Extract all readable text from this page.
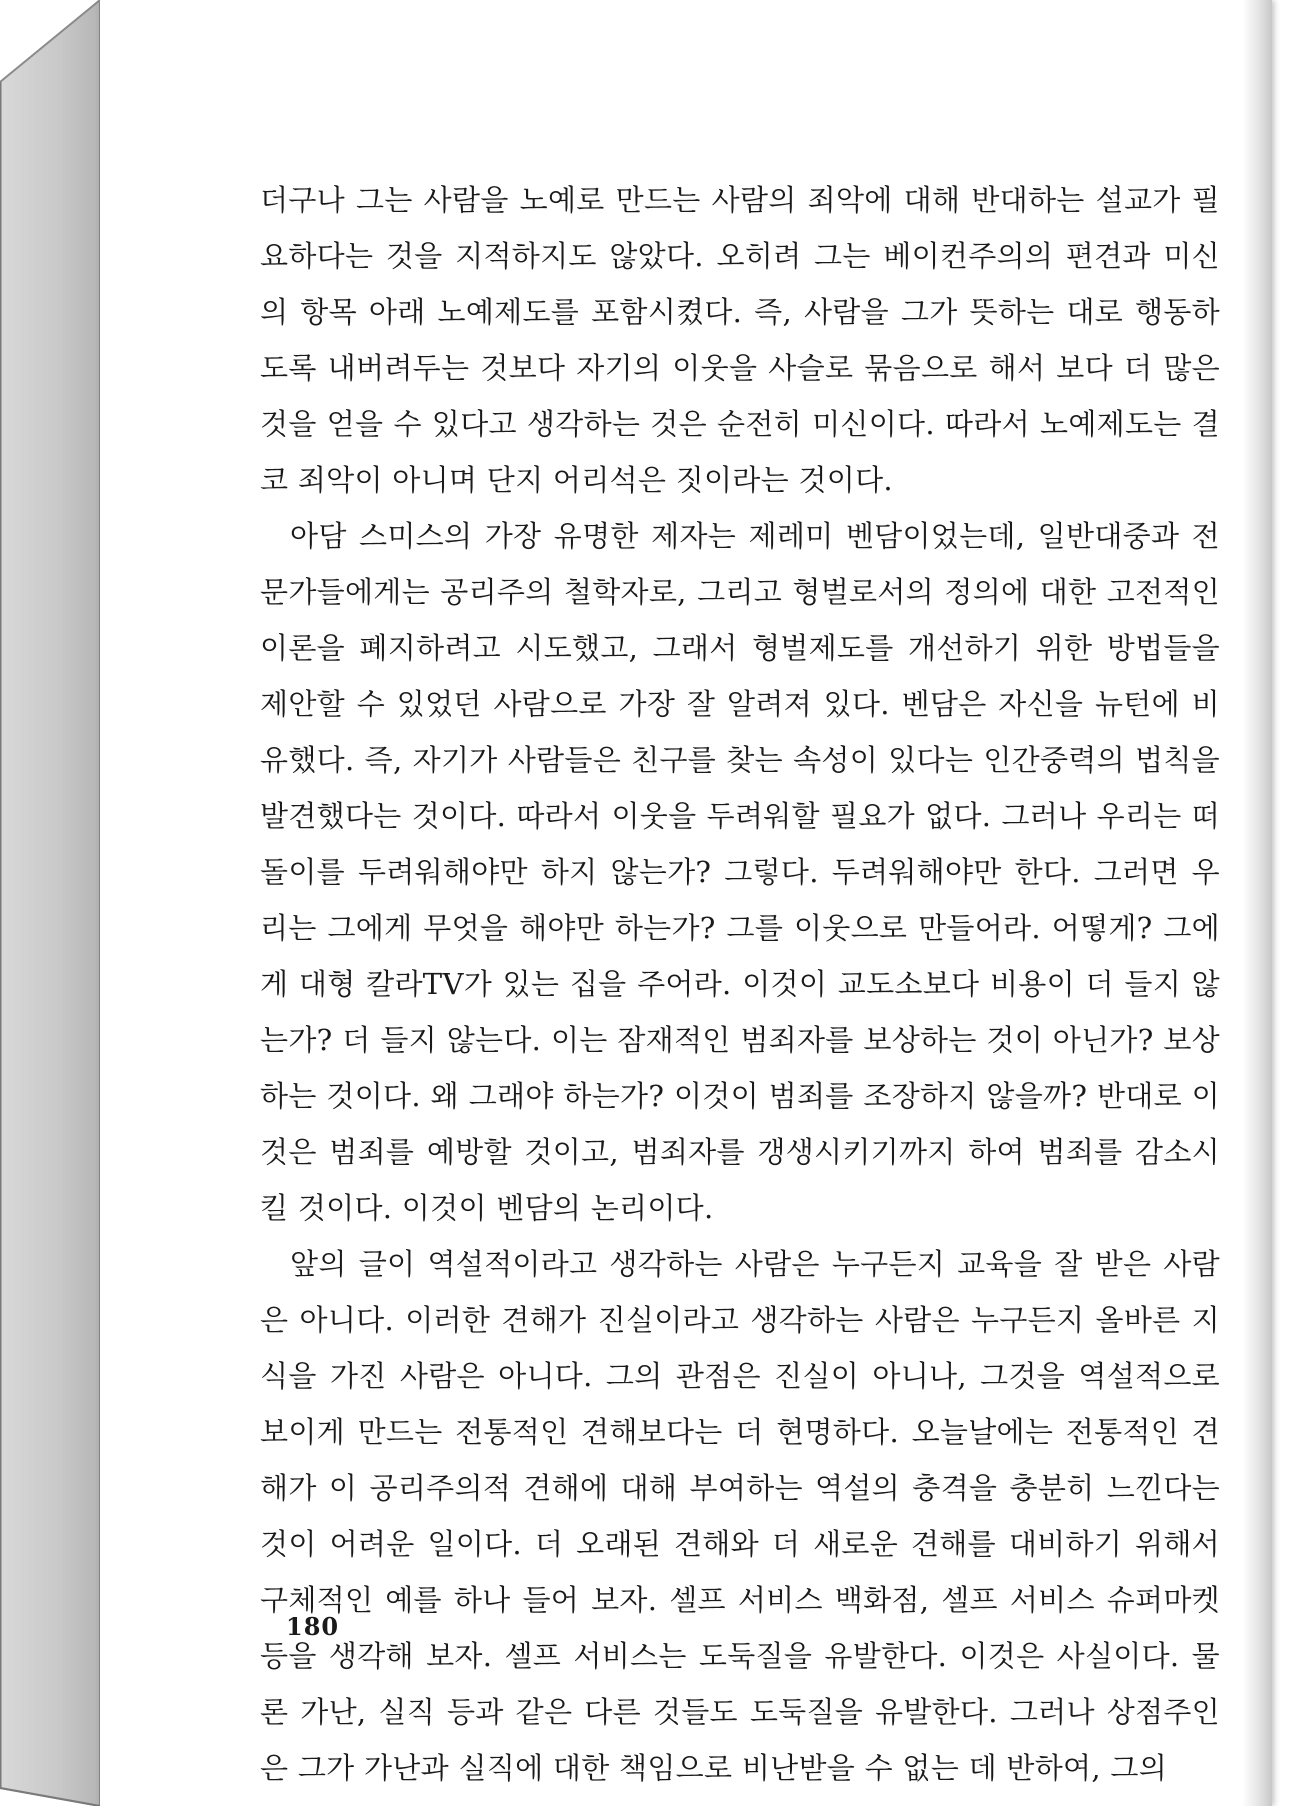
더구나 그는 사람을 노예로 만드는 사람의 죄악에 대해 반대하는 설교가 필요하다는 것을 지적하지도 않았다. 오히려 그는 베이컨주의의 편견과 미신의 항목 아래 노예제도를 포함시켰다. 즉, 사람을 그가 뜻하는 대로 행동하도록 내버려두는 것보다 자기의 이웃을 사슬로 묶음으로 해서 보다 더 많은 것을 얻을 수 있다고 생각하는 것은 순전히 미신이다. 따라서 노예제도는 결코 죄악이 아니며 단지 어리석은 짓이라는 것이다.

아담 스미스의 가장 유명한 제자는 제레미 벤담이었는데, 일반대중과 전문가들에게는 공리주의 철학자로, 그리고 형벌로서의 정의에 대한 고전적인 이론을 폐지하려고 시도했고, 그래서 형벌제도를 개선하기 위한 방법들을 제안할 수 있었던 사람으로 가장 잘 알려져 있다. 벤담은 자신을 뉴턴에 비유했다. 즉, 자기가 사람들은 친구를 찾는 속성이 있다는 인간중력의 법칙을 발견했다는 것이다. 따라서 이웃을 두려워할 필요가 없다. 그러나 우리는 떠돌이를 두려워해야만 하지 않는가? 그렇다. 두려워해야만 한다. 그러면 우리는 그에게 무엇을 해야만 하는가? 그를 이웃으로 만들어라. 어떻게? 그에게 대형 칼라TV가 있는 집을 주어라. 이것이 교도소보다 비용이 더 들지 않는가? 더 들지 않는다. 이는 잠재적인 범죄자를 보상하는 것이 아닌가? 보상하는 것이다. 왜 그래야 하는가? 이것이 범죄를 조장하지 않을까? 반대로 이것은 범죄를 예방할 것이고, 범죄자를 갱생시키기까지 하여 범죄를 감소시킬 것이다. 이것이 벤담의 논리이다.

앞의 글이 역설적이라고 생각하는 사람은 누구든지 교육을 잘 받은 사람은 아니다. 이러한 견해가 진실이라고 생각하는 사람은 누구든지 올바른 지식을 가진 사람은 아니다. 그의 관점은 진실이 아니나, 그것을 역설적으로 보이게 만드는 전통적인 견해보다는 더 현명하다. 오늘날에는 전통적인 견해가 이 공리주의적 견해에 대해 부여하는 역설의 충격을 충분히 느낀다는 것이 어려운 일이다. 더 오래된 견해와 더 새로운 견해를 대비하기 위해서 구체적인 예를 하나 들어 보자. 셀프 서비스 백화점, 셀프 서비스 슈퍼마켓 등을 생각해 보자. 셀프 서비스는 도둑질을 유발한다. 이것은 사실이다. 물론 가난, 실직 등과 같은 다른 것들도 도둑질을 유발한다. 그러나 상점주인은 그가 가난과 실직에 대한 책임으로 비난받을 수 없는 데 반하여, 그의

180
